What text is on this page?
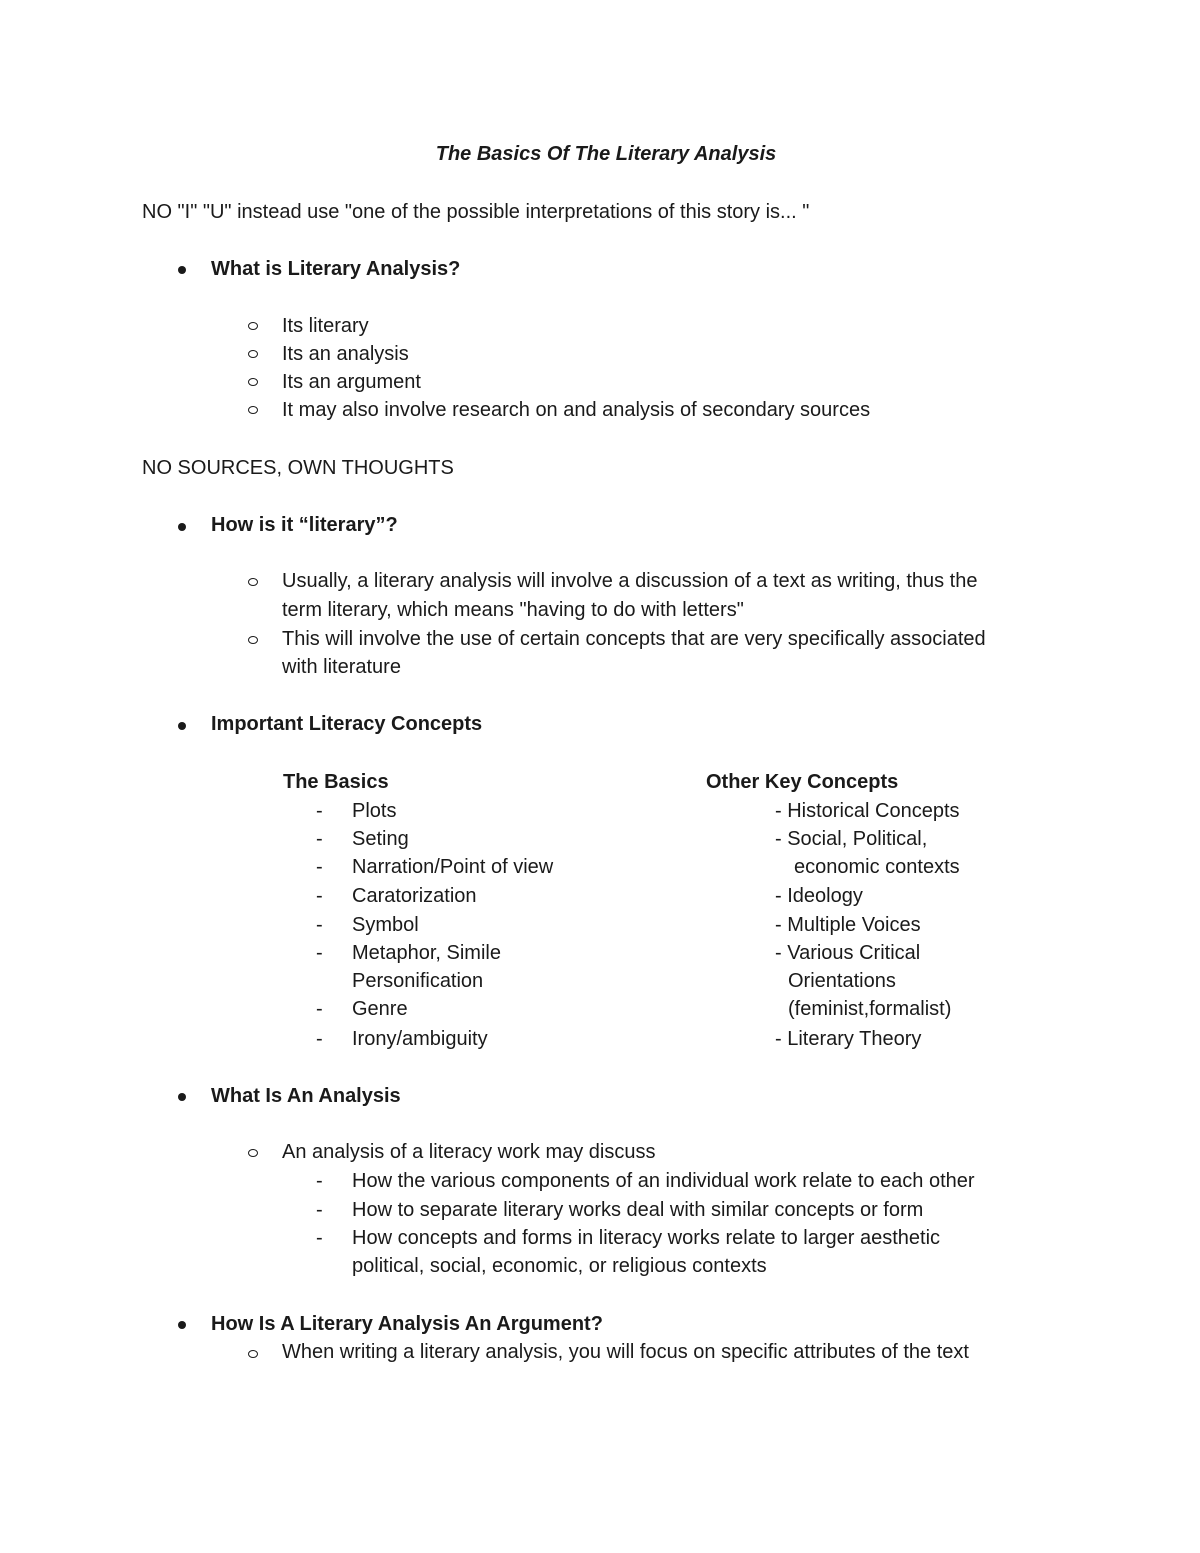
The Basics Of The Literary Analysis
NO "I" "U" instead use "one of the possible interpretations of this story is... "
What is Literary Analysis?
Its literary
Its an analysis
Its an argument
It may also involve research on and analysis of secondary sources
NO SOURCES, OWN THOUGHTS
How is it “literary”?
Usually, a literary analysis will involve a discussion of a text as writing, thus the
term literary, which means "having to do with letters"
This will involve the use of certain concepts that are very specifically associated
with literature
Important Literacy Concepts
The Basics	Other Key Concepts
- Plots
- Seting
- Narration/Point of view
- Caratorization
- Symbol
- Metaphor, Simile
Personification
- Genre
- Irony/ambiguity
- Historical Concepts
- Social, Political,
economic contexts
- Ideology
- Multiple Voices
- Various Critical
Orientations
(feminist,formalist)
- Literary Theory
What Is An Analysis
An analysis of a literacy work may discuss
- How the various components of an individual work relate to each other
- How to separate literary works deal with similar concepts or form
- How concepts and forms in literacy works relate to larger aesthetic
political, social, economic, or religious contexts
How Is A Literary Analysis An Argument?
When writing a literary analysis, you will focus on specific attributes of the text
